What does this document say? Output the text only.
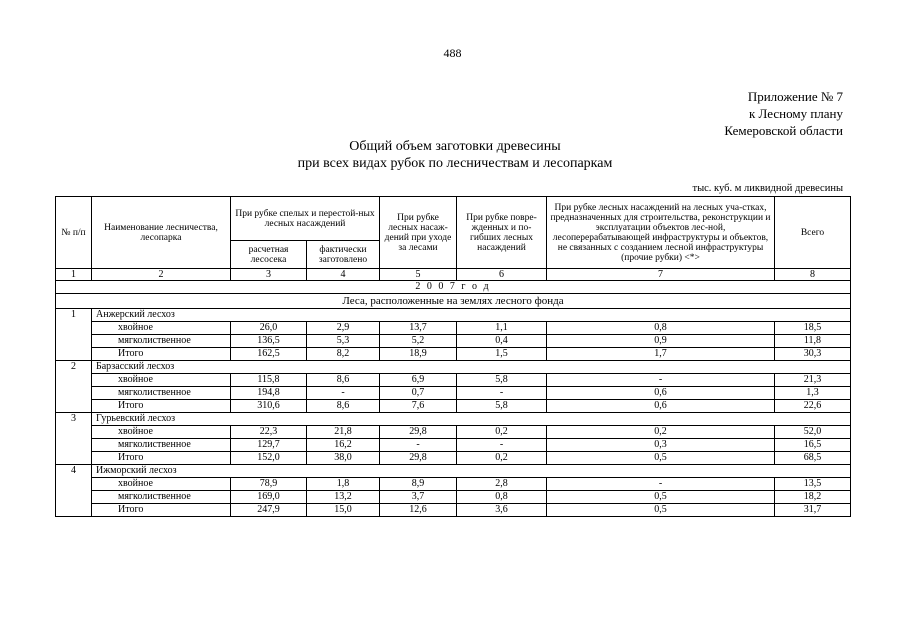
488
Приложение № 7
к Лесному плану
Кемеровской области
Общий объем заготовки древесины
при всех видах рубок по лесничествам и лесопаркам
тыс. куб. м ликвидной древесины
№ п/п	Наименование лесничества, лесопарка	При рубке спелых и перестой-ных лесных насаждений		При рубке лесных насаж-дений при уходе за лесами	При рубке повре-жденных и по-гибших лесных насаждений	При рубке лесных насаждений на лесных уча-стках, предназначенных для строительства, реконструкции и эксплуатации объектов лес-ной, лесоперерабатывающей инфраструктуры и объектов, не связанных с созданием лесной инфраструктуры (прочие рубки) <*>	Всего
		расчетная лесосека	фактически заготовлено				
1	2	3	4	5	6	7	8
2 0 0 7 г о д							
Леса, расположенные на землях лесного фонда							
1	Анжерский лесхоз						
	хвойное	26,0	2,9	13,7	1,1	0,8	18,5
	мягколиственное	136,5	5,3	5,2	0,4	0,9	11,8
	Итого	162,5	8,2	18,9	1,5	1,7	30,3
2	Барзасский лесхоз						
	хвойное	115,8	8,6	6,9	5,8	-	21,3
	мягколиственное	194,8	-	0,7	-	0,6	1,3
	Итого	310,6	8,6	7,6	5,8	0,6	22,6
3	Гурьевский лесхоз						
	хвойное	22,3	21,8	29,8	0,2	0,2	52,0
	мягколиственное	129,7	16,2	-	-	0,3	16,5
	Итого	152,0	38,0	29,8	0,2	0,5	68,5
4	Ижморский лесхоз						
	хвойное	78,9	1,8	8,9	2,8	-	13,5
	мягколиственное	169,0	13,2	3,7	0,8	0,5	18,2
	Итого	247,9	15,0	12,6	3,6	0,5	31,7
